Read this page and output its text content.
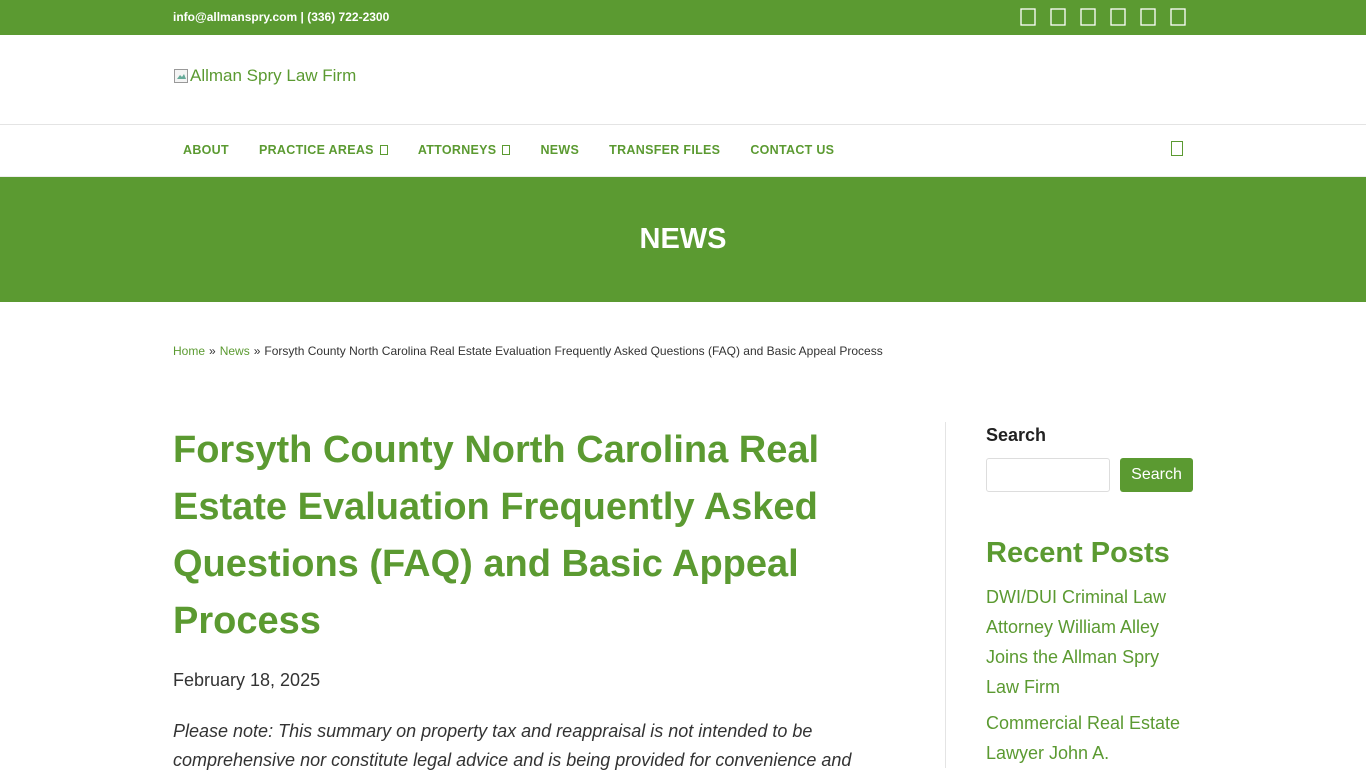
info@allmanspry.com | (336) 722-2300
Allman Spry Law Firm
ABOUT PRACTICE AREAS	ATTORNEYS	NEWS TRANSFER FILES CONTACT US
NEWS
Home » News » Forsyth County North Carolina Real Estate Evaluation Frequently Asked Questions (FAQ) and Basic Appeal Process
Forsyth County North Carolina Real Estate Evaluation Frequently Asked Questions (FAQ) and Basic Appeal Process
February 18, 2025

Please note: This summary on property tax and reappraisal is not intended to be comprehensive nor constitute legal advice and is being provided for convenience and

Search
Search
Recent Posts
DWI/DUI Criminal Law Attorney William Alley Joins the Allman Spry Law Firm
Commercial Real Estate Lawyer John A.
